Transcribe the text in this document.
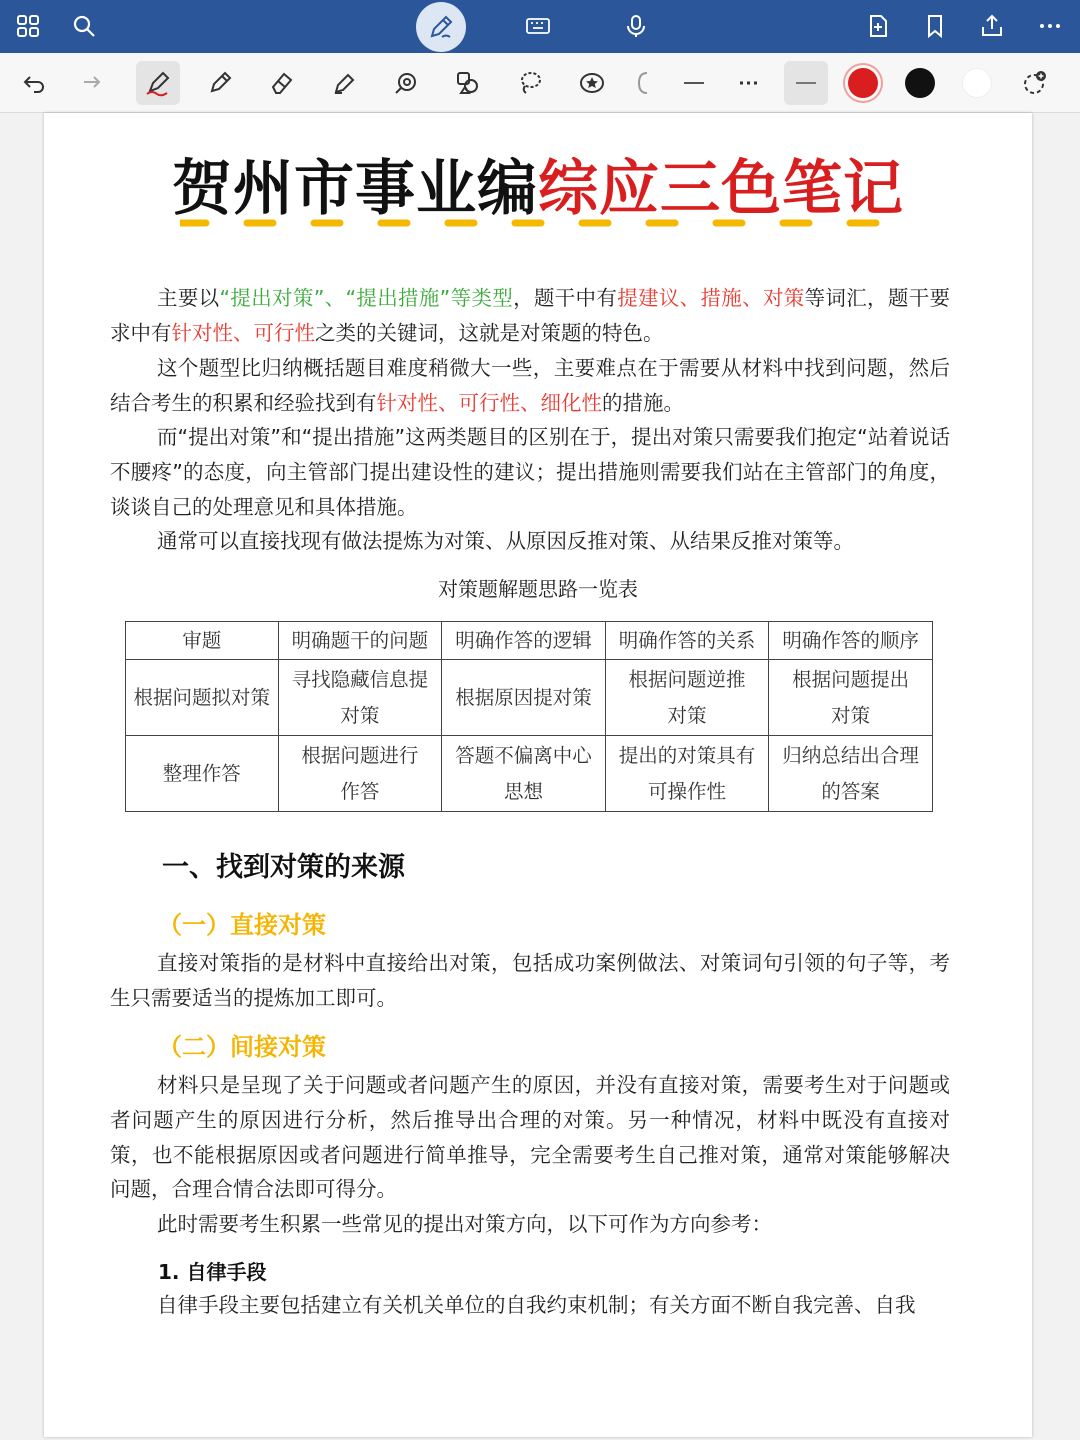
贺州市事业编综应三色笔记
主要以“提出对策”、“提出措施”等类型，题干中有提建议、措施、对策等词汇，题干要求中有针对性、可行性之类的关键词，这就是对策题的特色。
这个题型比归纳概括题目难度稍微大一些，主要难点在于需要从材料中找到问题，然后结合考生的积累和经验找到有针对性、可行性、细化性的措施。
而“提出对策”和“提出措施”这两类题目的区别在于，提出对策只需要我们抱定“站着说话不腰疼”的态度，向主管部门提出建设性的建议；提出措施则需要我们站在主管部门的角度，谈谈自己的处理意见和具体措施。
通常可以直接找现有做法提炼为对策、从原因反推对策、从结果反推对策等。
对策题解题思路一览表
审题	明确题干的问题	明确作答的逻辑	明确作答的关系	明确作答的顺序
根据问题拟对策	寻找隐藏信息提对策	根据原因提对策	根据问题逆推对策	根据问题提出对策
整理作答	根据问题进行作答	答题不偏离中心思想	提出的对策具有可操作性	归纳总结出合理的答案
一、找到对策的来源
（一）直接对策
直接对策指的是材料中直接给出对策，包括成功案例做法、对策词句引领的句子等，考生只需要适当的提炼加工即可。
（二）间接对策
材料只是呈现了关于问题或者问题产生的原因，并没有直接对策，需要考生对于问题或者问题产生的原因进行分析，然后推导出合理的对策。另一种情况，材料中既没有直接对策，也不能根据原因或者问题进行简单推导，完全需要考生自己推对策，通常对策能够解决问题，合理合情合法即可得分。
此时需要考生积累一些常见的提出对策方向，以下可作为方向参考：
1. 自律手段
自律手段主要包括建立有关机关单位的自我约束机制；有关方面不断自我完善、自我
